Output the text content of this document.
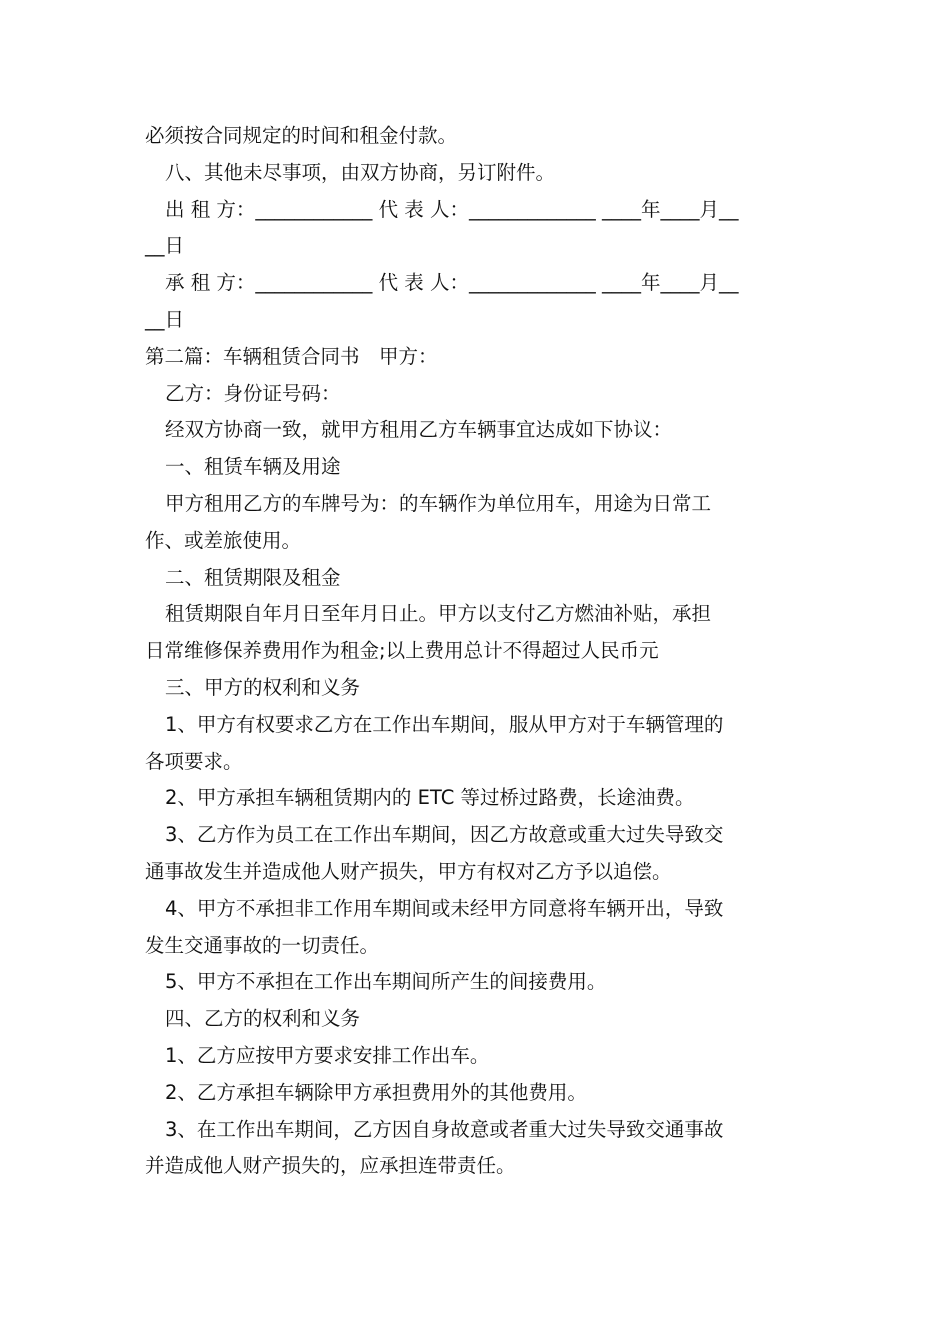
必须按合同规定的时间和租金付款。

八、其他未尽事项，由双方协商，另订附件。

出 租 方：____________ 代 表 人：_____________ ____年____月__

__日

承 租 方：____________ 代 表 人：_____________ ____年____月__

__日

第二篇：车辆租赁合同书　甲方：

乙方：身份证号码：

经双方协商一致，就甲方租用乙方车辆事宜达成如下协议：

一、租赁车辆及用途

甲方租用乙方的车牌号为：的车辆作为单位用车，用途为日常工

作、或差旅使用。

二、租赁期限及租金

租赁期限自年月日至年月日止。甲方以支付乙方燃油补贴，承担

日常维修保养费用作为租金;以上费用总计不得超过人民币元

三、甲方的权利和义务

1、甲方有权要求乙方在工作出车期间，服从甲方对于车辆管理的

各项要求。

2、甲方承担车辆租赁期内的 ETC 等过桥过路费，长途油费。

3、乙方作为员工在工作出车期间，因乙方故意或重大过失导致交

通事故发生并造成他人财产损失，甲方有权对乙方予以追偿。

4、甲方不承担非工作用车期间或未经甲方同意将车辆开出，导致

发生交通事故的一切责任。

5、甲方不承担在工作出车期间所产生的间接费用。

四、乙方的权利和义务

1、乙方应按甲方要求安排工作出车。

2、乙方承担车辆除甲方承担费用外的其他费用。

3、在工作出车期间，乙方因自身故意或者重大过失导致交通事故

并造成他人财产损失的，应承担连带责任。
